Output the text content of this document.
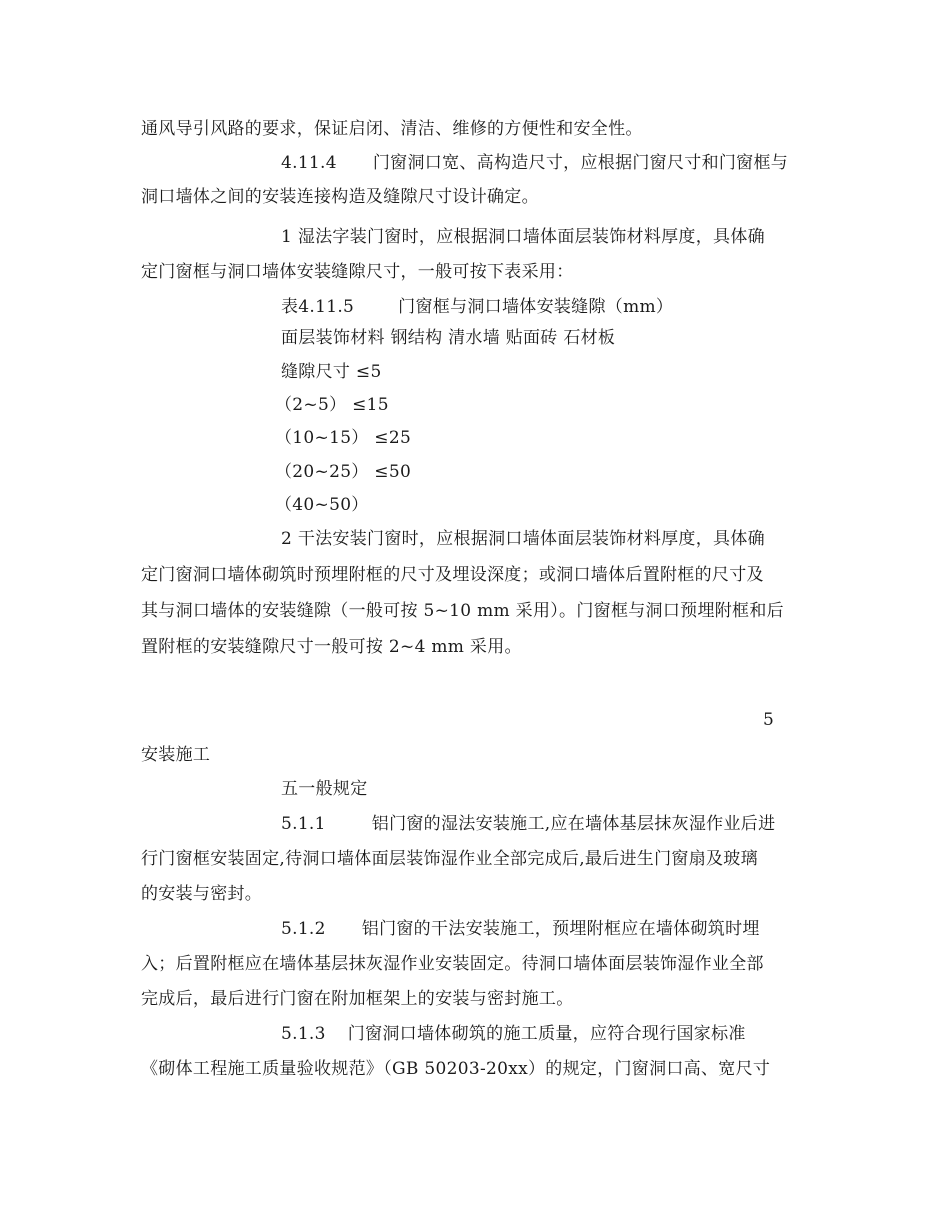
通风导引风路的要求，保证启闭、清洁、维修的方便性和安全性。
4.11.4 门窗洞口宽、高构造尺寸，应根据门窗尺寸和门窗框与
洞口墙体之间的安装连接构造及缝隙尺寸设计确定。
1 湿法字装门窗时，应根据洞口墙体面层装饰材料厚度，具体确
定门窗框与洞口墙体安装缝隙尺寸，一般可按下表采用：
表4.11.5	门窗框与洞口墙体安装缝隙（mm）
面层装饰材料 钢结构 清水墙 贴面砖 石材板
缝隙尺寸 ≤5
（2~5） ≤15
（10~15） ≤25
（20~25） ≤50
（40~50）
2 干法安装门窗时，应根据洞口墙体面层装饰材料厚度，具体确
定门窗洞口墙体砌筑时预埋附框的尺寸及埋设深度；或洞口墙体后置附框的尺寸及
其与洞口墙体的安装缝隙（一般可按 5~10 mm 采用）。门窗框与洞口预埋附框和后
置附框的安装缝隙尺寸一般可按 2~4 mm 采用。
5
安装施工
五一般规定
5.1.1	铝门窗的湿法安装施工,应在墙体基层抹灰湿作业后进
行门窗框安装固定,待洞口墙体面层装饰湿作业全部完成后,最后进生门窗扇及玻璃
的安装与密封。
5.1.2 铝门窗的干法安装施工，预埋附框应在墙体砌筑时埋
入；后置附框应在墙体基层抹灰湿作业安装固定。待洞口墙体面层装饰湿作业全部
完成后，最后进行门窗在附加框架上的安装与密封施工。
5.1.3 门窗洞口墙体砌筑的施工质量，应符合现行国家标准
《砌体工程施工质量验收规范》（GB 50203-20xx）的规定，门窗洞口高、宽尺寸
